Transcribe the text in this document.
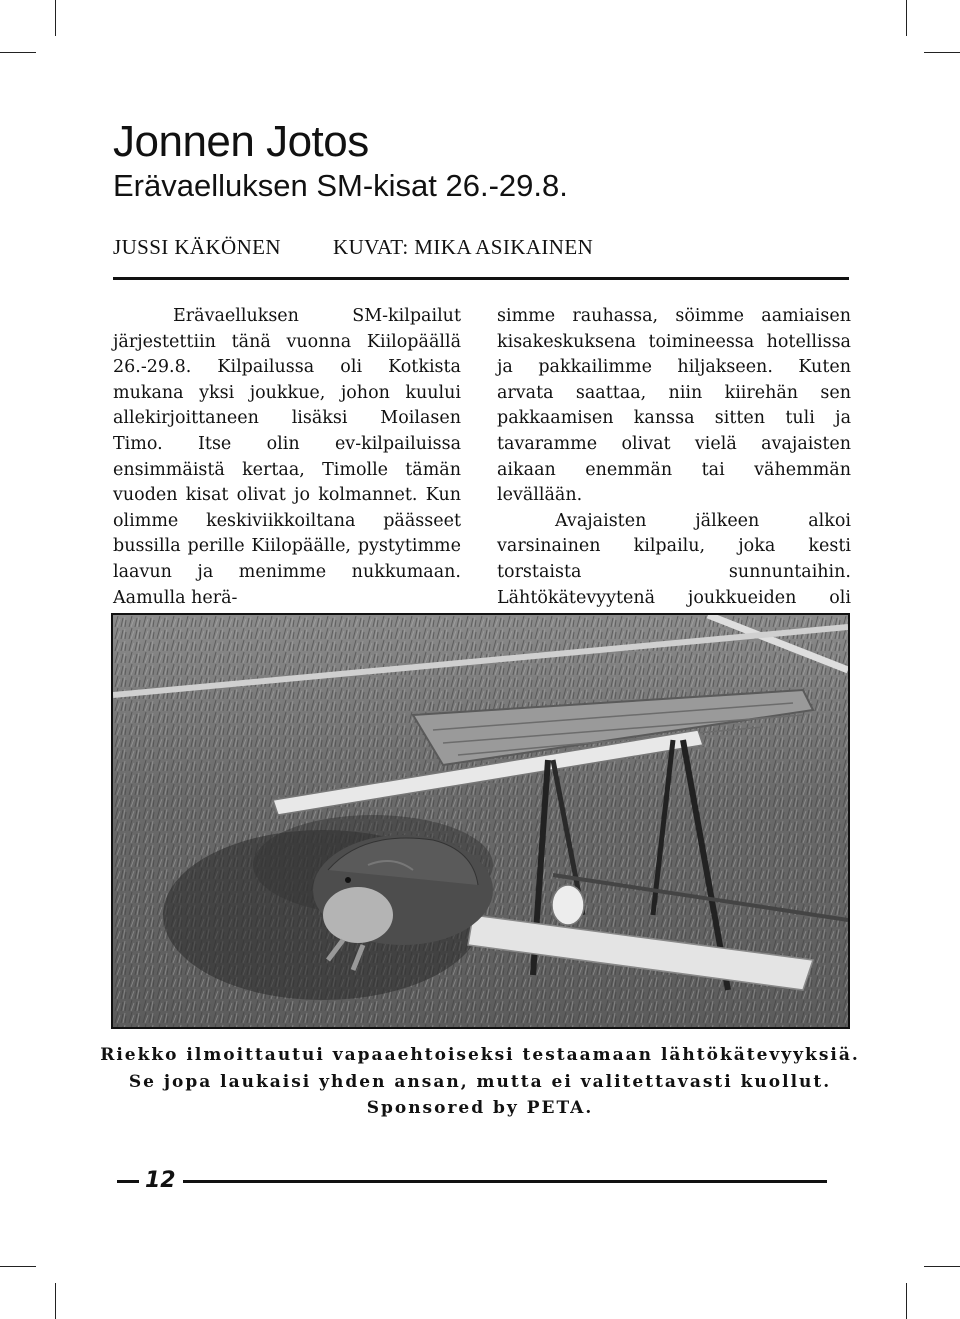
Jonnen Jotos
Erävaelluksen SM-kisat 26.-29.8.
JUSSI KÄKÖNEN KUVAT: MIKA ASIKAINEN

Erävaelluksen SM-kilpailut järjestettiin tänä vuonna Kiilopäällä 26.-29.8. Kilpailussa oli Kotkista mukana yksi joukkue, johon kuului allekirjoittaneen lisäksi Moilasen Timo. Itse olin ev-kilpailuissa ensimmäistä kertaa, Timolle tämän vuoden kisat olivat jo kolmannet. Kun olimme keskiviikkoiltana päässeet bussilla perille Kiilopäälle, pystytimme laavun ja menimme nukkumaan. Aamulla herä-

simme rauhassa, söimme aamiaisen kisakeskuksena toimineessa hotellissa ja pakkailimme hiljakseen. Kuten arvata saattaa, niin kiirehän sen pakkaamisen kanssa sitten tuli ja tavaramme olivat vielä avajaisten aikaan enemmän tai vähemmän levällään.

Avajaisten jälkeen alkoi varsinainen kilpailu, joka kesti torstaista sunnuntaihin. Lähtökätevyytenä joukkueiden oli

Riekko ilmoittautui vapaaehtoiseksi testaamaan lähtökätevyyksiä.
Se jopa laukaisi yhden ansan, mutta ei valitettavasti kuollut.
Sponsored by PETA.
12
